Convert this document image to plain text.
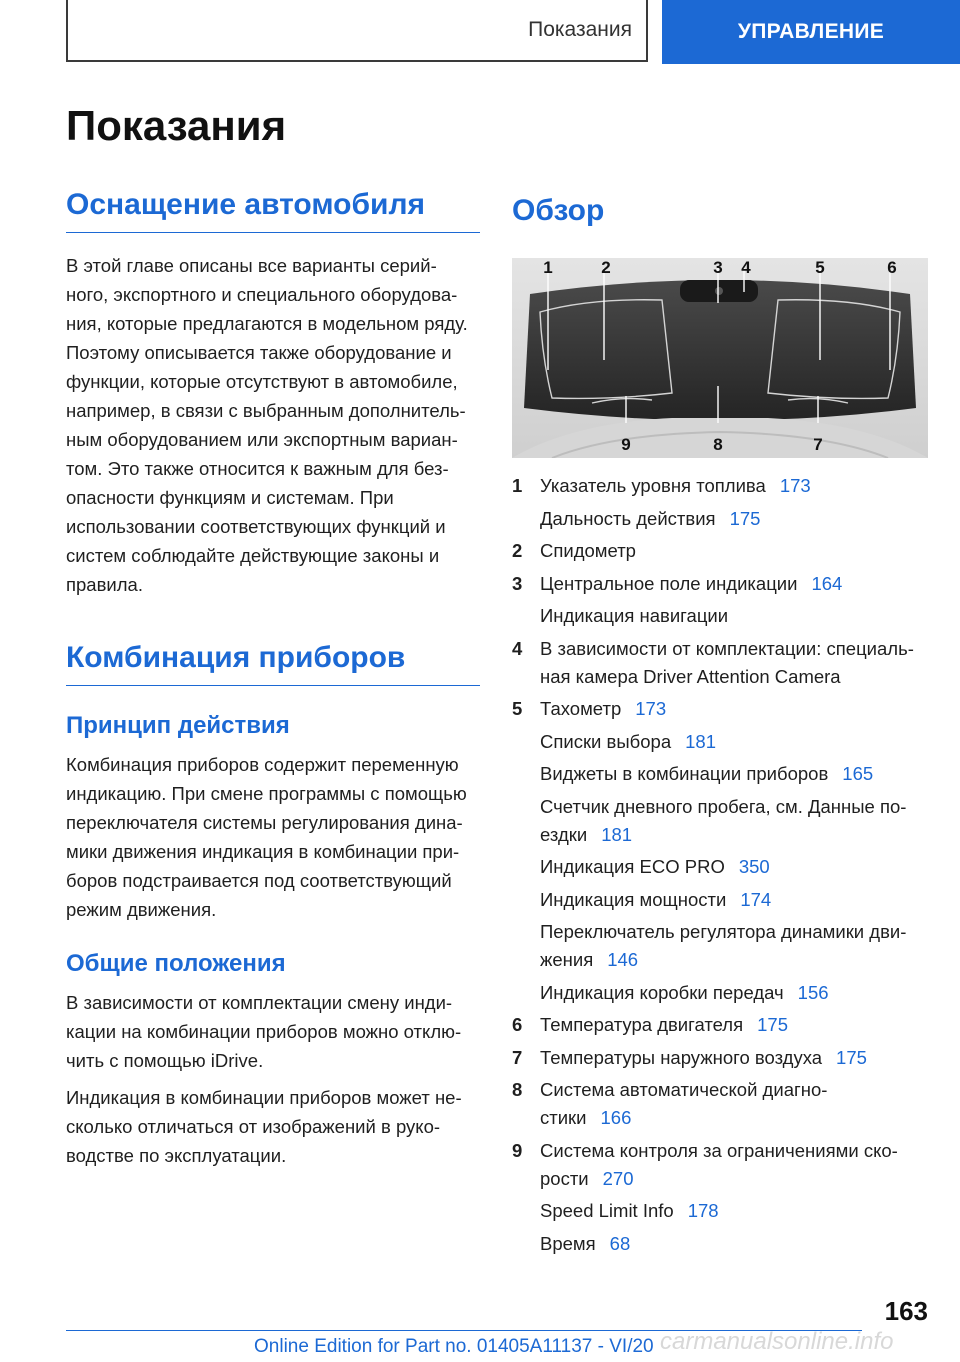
Показания	УПРАВЛЕНИЕ
Показания
Оснащение автомобиля

В этой главе описаны все варианты серий-
ного, экспортного и специального оборудова-
ния, которые предлагаются в модельном ряду.
Поэтому описывается также оборудование и
функции, которые отсутствуют в автомобиле,
например, в связи с выбранным дополнитель-
ным оборудованием или экспортным вариан-
том. Это также относится к важным для без-
опасности функциям и системам. При
использовании соответствующих функций и
систем соблюдайте действующие законы и
правила.

Комбинация приборов
Принцип действия

Комбинация приборов содержит переменную
индикацию. При смене программы с помощью
переключателя системы регулирования дина-
мики движения индикация в комбинации при-
боров подстраивается под соответствующий
режим движения.

Общие положения

В зависимости от комплектации смену инди-
кации на комбинации приборов можно отклю-
чить с помощью iDrive.

Индикация в комбинации приборов может не-
сколько отличаться от изображений в руко-
водстве по эксплуатации.

Обзор
1	2	3 4	5	6
7
8
9
1 Указатель уровня топлива 173
Дальность действия 175
2 Спидометр
3 Центральное поле индикации 164
Индикация навигации
4 В зависимости от комплектации: специаль-
ная камера Driver Attention Camera
5 Тахометр 173
Списки выбора 181
Виджеты в комбинации приборов 165
Счетчик дневного пробега, см. Данные по-
ездки 181
Индикация ECO PRO 350
Индикация мощности 174
Переключатель регулятора динамики дви-
жения 146
Индикация коробки передач 156
6 Температура двигателя 175
7 Температуры наружного воздуха 175
8 Система автоматической диагно-
стики 166
9 Система контроля за ограничениями ско-
рости 270
Speed Limit Info 178
Время 68
163
Online Edition for Part no. 01405A11137 - VI/20 carmanualsonline.info
